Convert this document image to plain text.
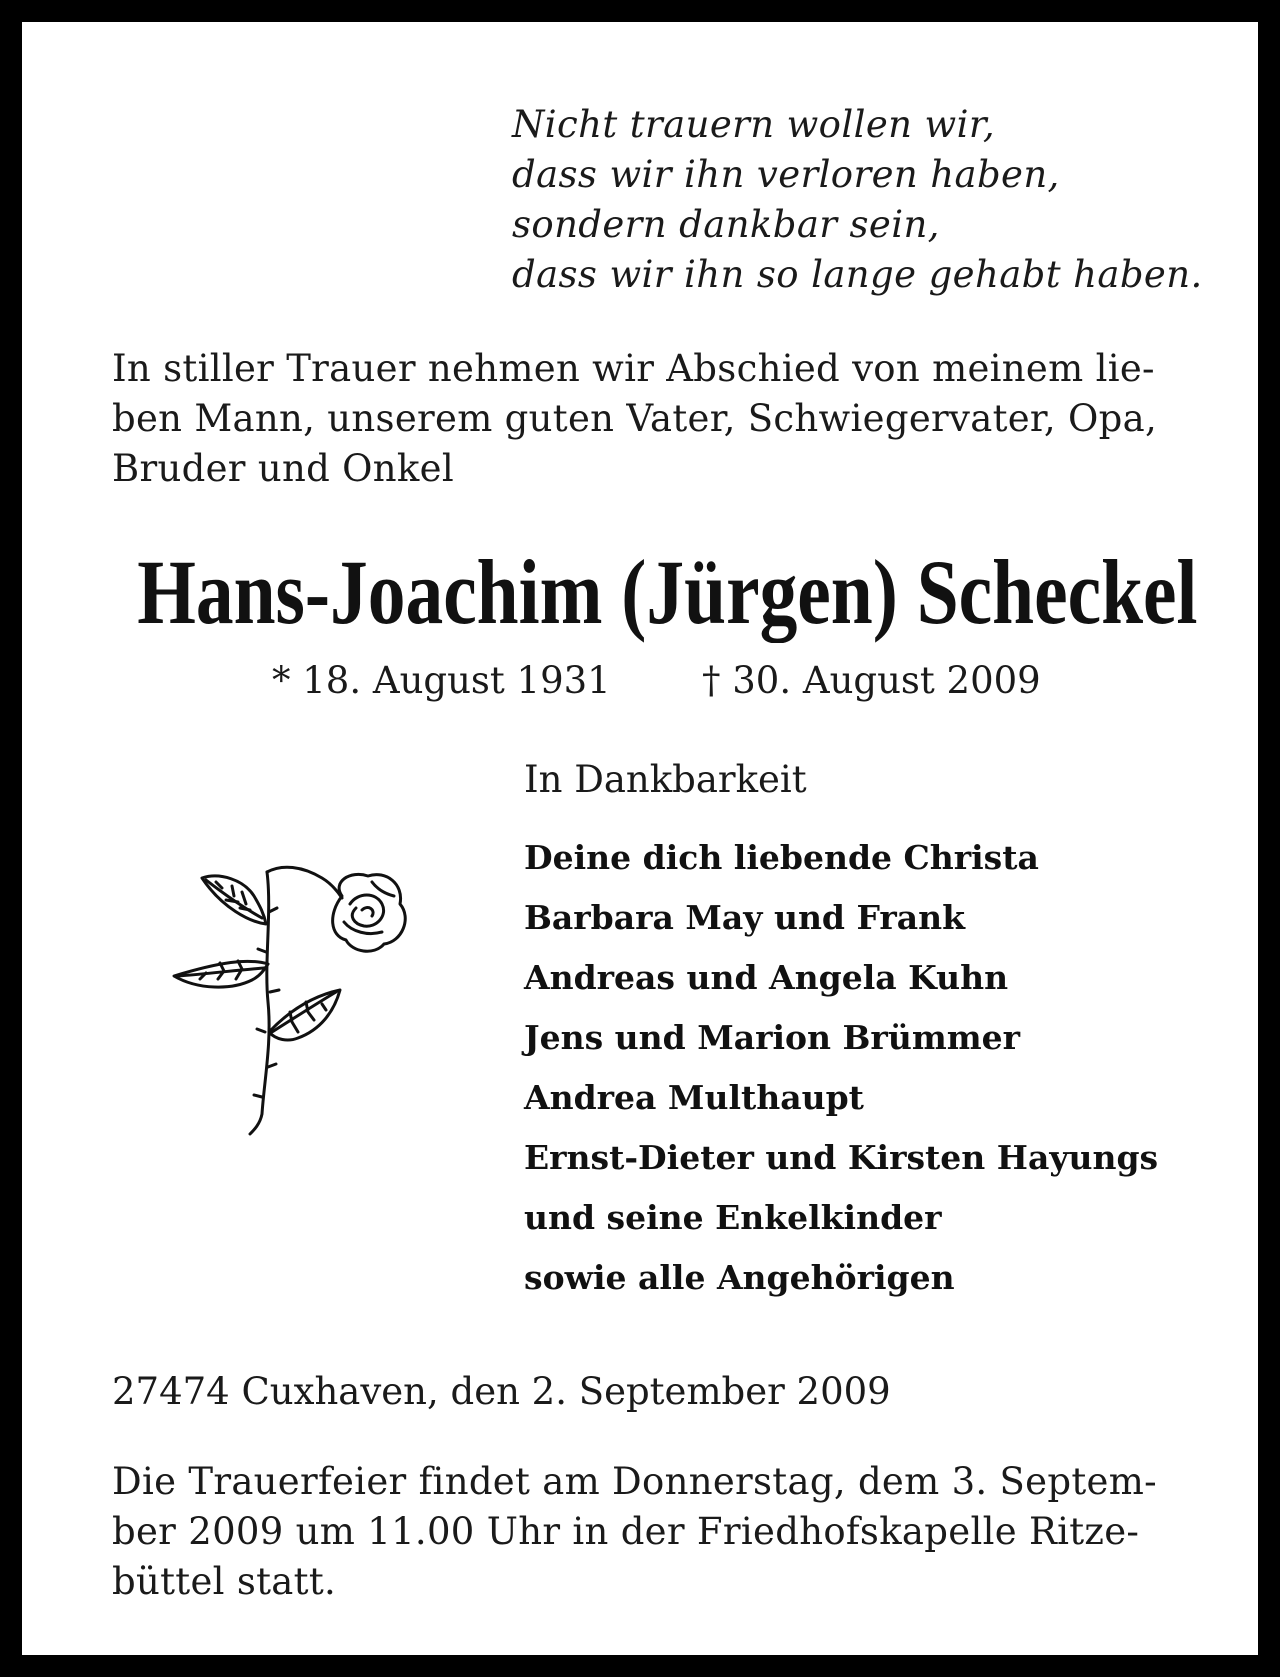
Nicht trauern wollen wir,
dass wir ihn verloren haben,
sondern dankbar sein,
dass wir ihn so lange gehabt haben.
In stiller Trauer nehmen wir Abschied von meinem lie-
ben Mann, unserem guten Vater, Schwiegervater, Opa,
Bruder und Onkel
Hans-Joachim (Jürgen) Scheckel
* 18. August 1931 † 30. August 2009
In Dankbarkeit
Deine dich liebende Christa
Barbara May und Frank
Andreas und Angela Kuhn
Jens und Marion Brümmer
Andrea Multhaupt
Ernst-Dieter und Kirsten Hayungs
und seine Enkelkinder
sowie alle Angehörigen
27474 Cuxhaven, den 2. September 2009
Die Trauerfeier findet am Donnerstag, dem 3. Septem-
ber 2009 um 11.00 Uhr in der Friedhofskapelle Ritze-
büttel statt.
